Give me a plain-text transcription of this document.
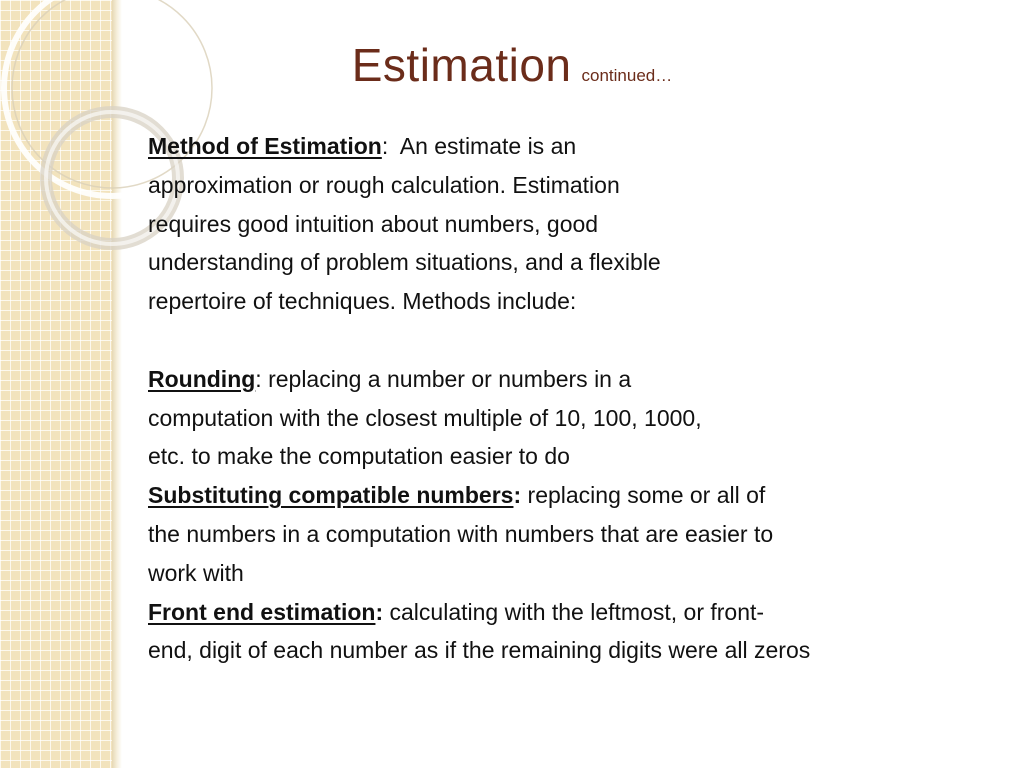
Estimation continued…

Method of Estimation: An estimate is an

approximation or rough calculation. Estimation

requires good intuition about numbers, good

understanding of problem situations, and a flexible

repertoire of techniques. Methods include:

Rounding: replacing a number or numbers in a

computation with the closest multiple of 10, 100, 1000,

etc. to make the computation easier to do

Substituting compatible numbers: replacing some or all of

the numbers in a computation with numbers that are easier to

work with

Front end estimation: calculating with the leftmost, or front-

end, digit of each number as if the remaining digits were all zeros
